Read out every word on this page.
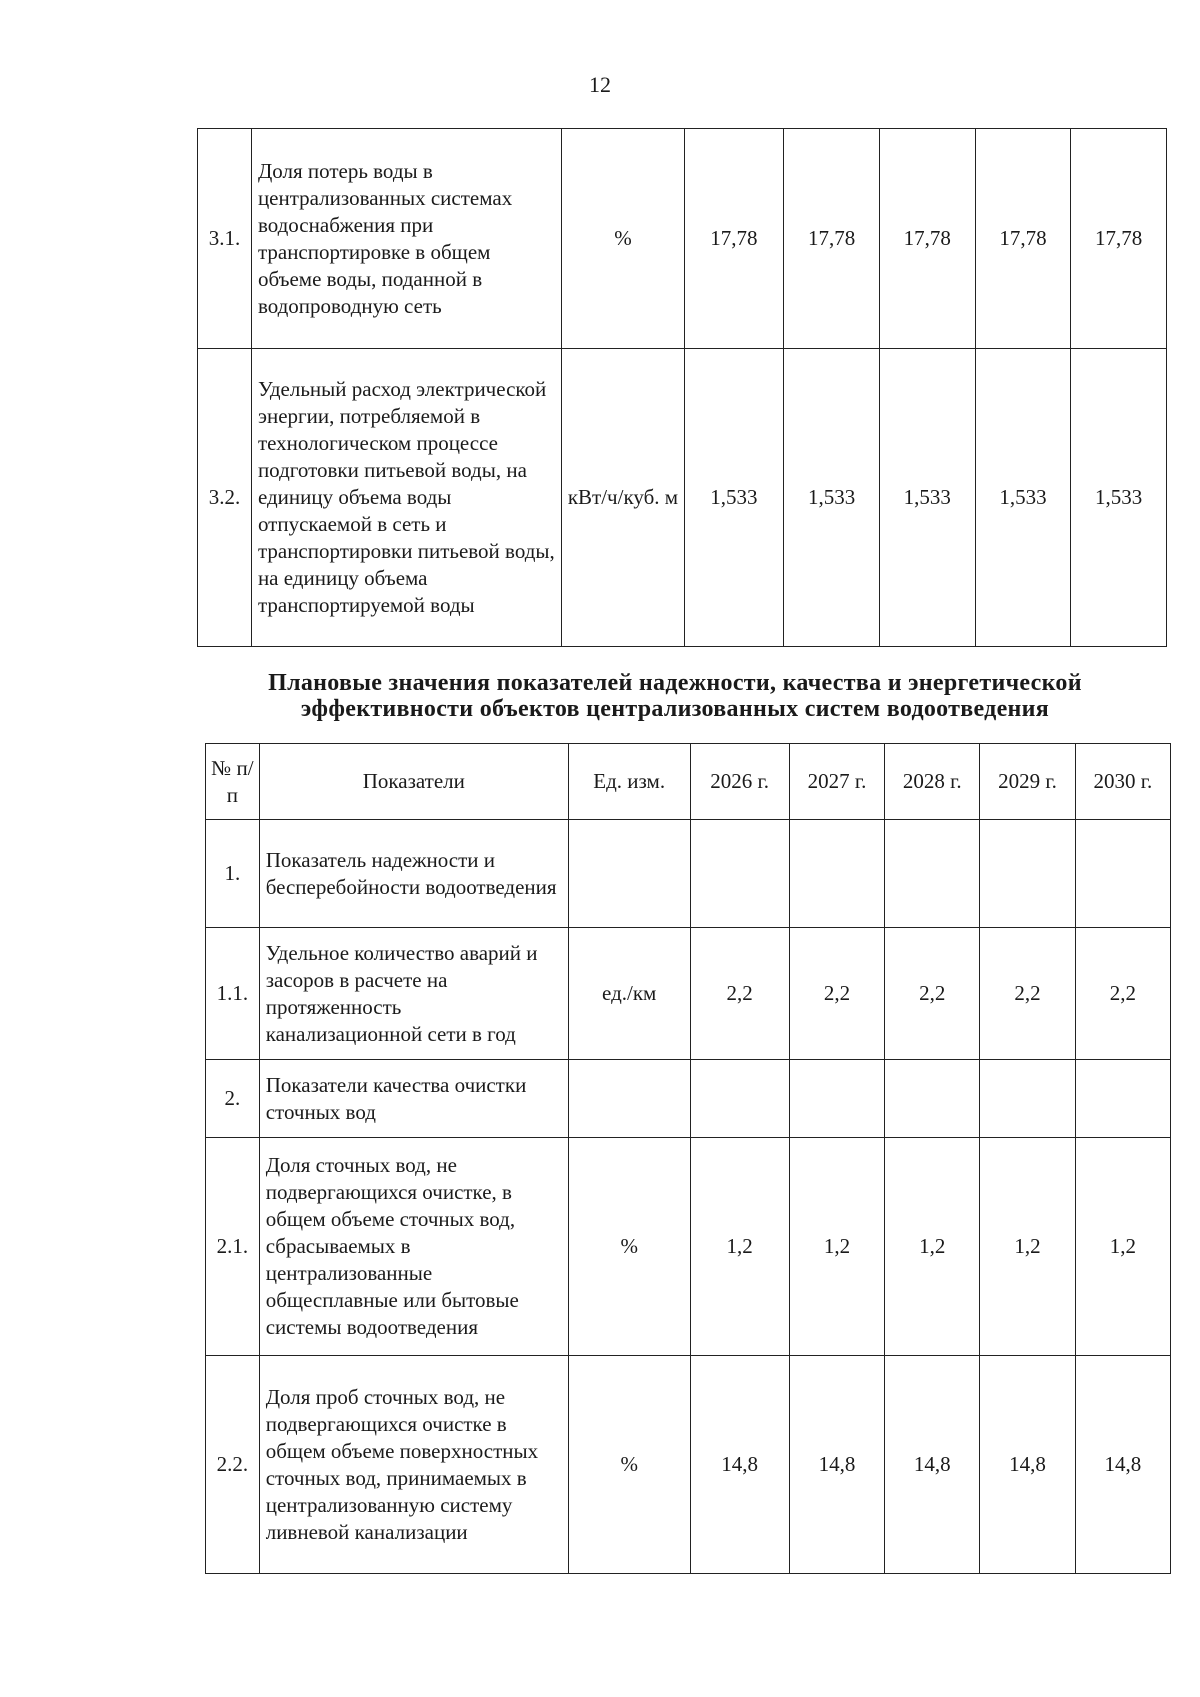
12
3.1.	Доля потерь воды в централизованных системах водоснабжения при транспортировке в общем объеме воды, поданной в водопроводную сеть	%	17,78	17,78	17,78	17,78	17,78
3.2.	Удельный расход электрической энергии, потребляемой в технологическом процессе подготовки питьевой воды, на единицу объема воды отпускаемой в сеть и транспортировки питьевой воды, на единицу объема транспортируемой воды	кВт/ч/куб. м	1,533	1,533	1,533	1,533	1,533
Плановые значения показателей надежности, качества и энергетической
эффективности объектов централизованных систем водоотведения
№ п/п	Показатели	Ед. изм.	2026 г.	2027 г.	2028 г.	2029 г.	2030 г.
1.	Показатель надежности и бесперебойности водоотведения						
1.1.	Удельное количество аварий и засоров в расчете на протяженность канализационной сети в год	ед./км	2,2	2,2	2,2	2,2	2,2
2.	Показатели качества очистки сточных вод						
2.1.	Доля сточных вод, не подвергающихся очистке, в общем объеме сточных вод, сбрасываемых в централизованные общесплавные или бытовые системы водоотведения	%	1,2	1,2	1,2	1,2	1,2
2.2.	Доля проб сточных вод, не подвергающихся очистке в общем объеме поверхностных сточных вод, принимаемых в централизованную систему ливневой канализации	%	14,8	14,8	14,8	14,8	14,8
